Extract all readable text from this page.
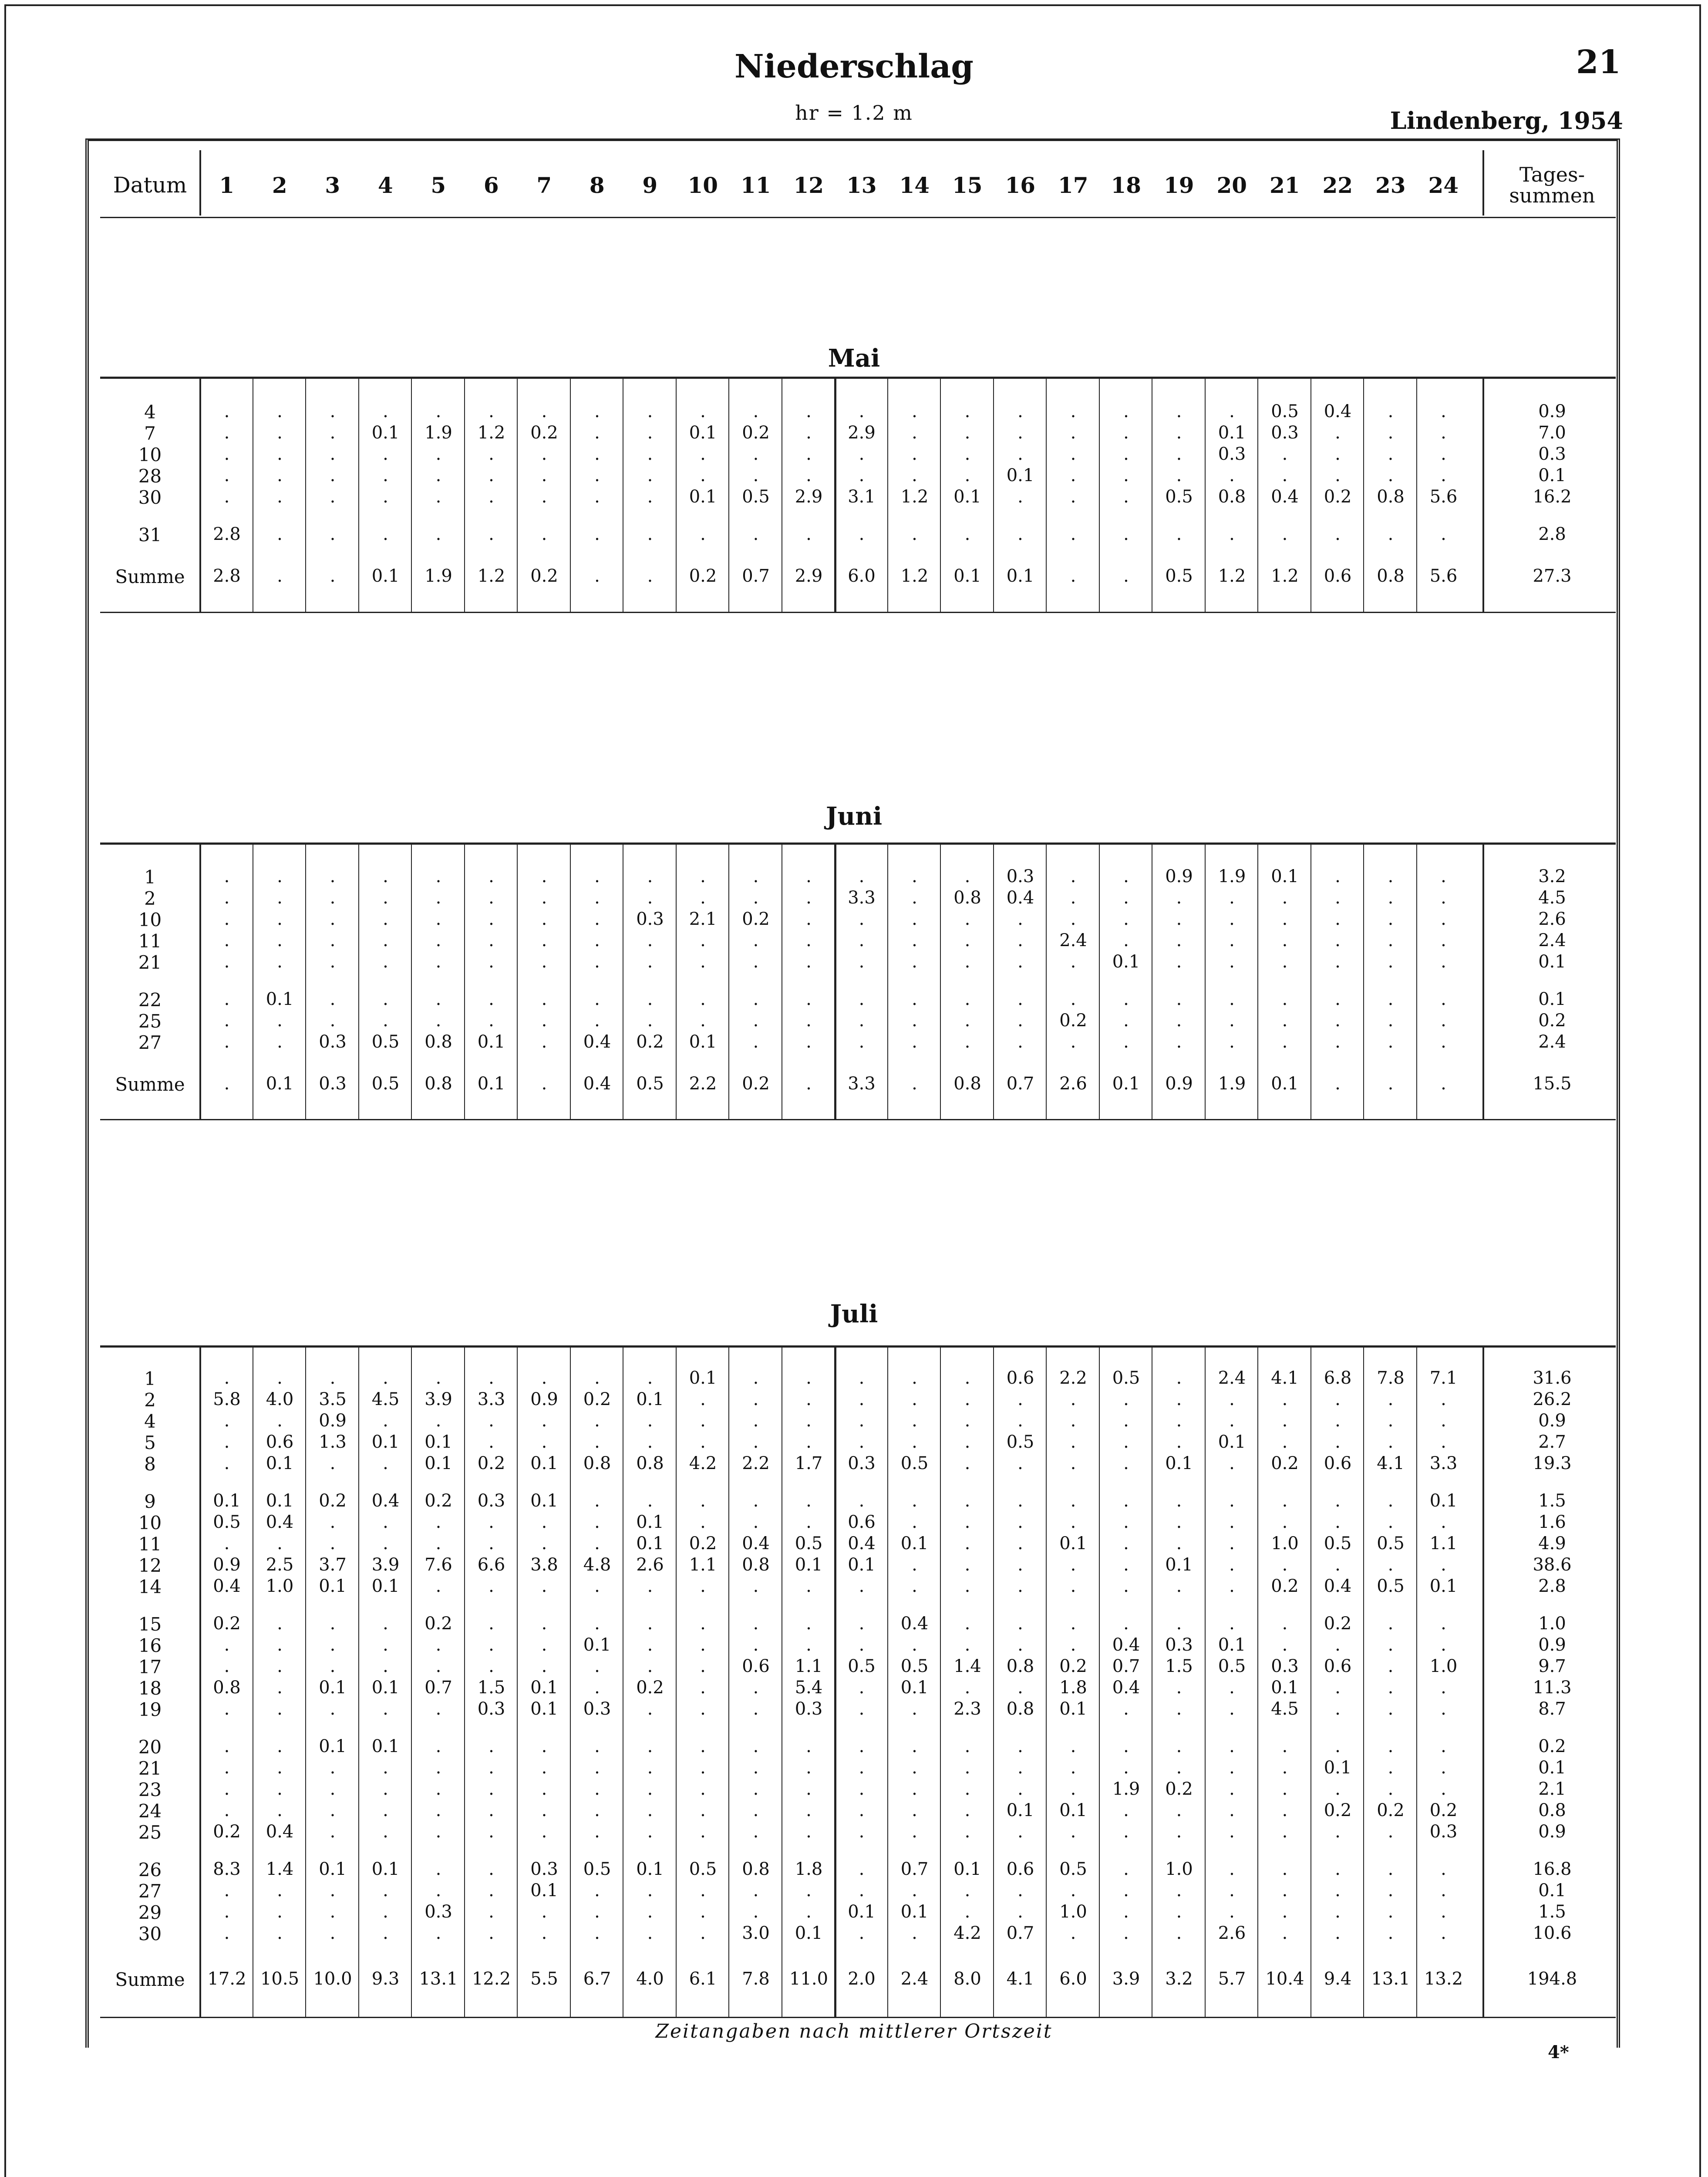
Niederschlag
hr = 1.2 m
21
Lindenberg, 1954
Datum	1	2	3	4	5	6	7	8	9	10	11	12	13	14	15	16	17	18	19	20	21	22	23	24	Tages-
summen
Mai
4	.	.	.	.	.	.	.	.	.	.	.	.	.	.	.	.	.	.	.	.	0.5	0.4	.	.	0.9
7	.	.	.	0.1	1.9	1.2	0.2	.	.	0.1	0.2	.	2.9	.	.	.	.	.	.	0.1	0.3	.	.	.	7.0
10	.	.	.	.	.	.	.	.	.	.	.	.	.	.	.	.	.	.	.	0.3	.	.	.	.	0.3
28	.	.	.	.	.	.	.	.	.	.	.	.	.	.	.	0.1	.	.	.	.	.	.	.	.	0.1
30	.	.	.	.	.	.	.	.	.	0.1	0.5	2.9	3.1	1.2	0.1	.	.	.	0.5	0.8	0.4	0.2	0.8	5.6	16.2
31	2.8	.	.	.	.	.	.	.	.	.	.	.	.	.	.	.	.	.	.	.	.	.	.	.	2.8
Summe	2.8	.	.	0.1	1.9	1.2	0.2	.	.	0.2	0.7	2.9	6.0	1.2	0.1	0.1	.	.	0.5	1.2	1.2	0.6	0.8	5.6	27.3
Juni
1	.	.	.	.	.	.	.	.	.	.	.	.	.	.	.	0.3	.	.	0.9	1.9	0.1	.	.	.	3.2
2	.	.	.	.	.	.	.	.	.	.	.	.	3.3	.	0.8	0.4	.	.	.	.	.	.	.	.	4.5
10	.	.	.	.	.	.	.	.	0.3	2.1	0.2	.	.	.	.	.	.	.	.	.	.	.	.	.	2.6
11	.	.	.	.	.	.	.	.	.	.	.	.	.	.	.	.	2.4	.	.	.	.	.	.	.	2.4
21	.	.	.	.	.	.	.	.	.	.	.	.	.	.	.	.	.	0.1	.	.	.	.	.	.	0.1
22	.	0.1	.	.	.	.	.	.	.	.	.	.	.	.	.	.	.	.	.	.	.	.	.	.	0.1
25	.	.	.	.	.	.	.	.	.	.	.	.	.	.	.	.	0.2	.	.	.	.	.	.	.	0.2
27	.	.	0.3	0.5	0.8	0.1	.	0.4	0.2	0.1	.	.	.	.	.	.	.	.	.	.	.	.	.	.	2.4
Summe	.	0.1	0.3	0.5	0.8	0.1	.	0.4	0.5	2.2	0.2	.	3.3	.	0.8	0.7	2.6	0.1	0.9	1.9	0.1	.	.	.	15.5
Juli
1	.	.	.	.	.	.	.	.	.	0.1	.	.	.	.	.	0.6	2.2	0.5	.	2.4	4.1	6.8	7.8	7.1	31.6
2	5.8	4.0	3.5	4.5	3.9	3.3	0.9	0.2	0.1	.	.	.	.	.	.	.	.	.	.	.	.	.	.	.	26.2
4	.	.	0.9	.	.	.	.	.	.	.	.	.	.	.	.	.	.	.	.	.	.	.	.	.	0.9
5	.	0.6	1.3	0.1	0.1	.	.	.	.	.	.	.	.	.	.	0.5	.	.	.	0.1	.	.	.	.	2.7
8	.	0.1	.	.	0.1	0.2	0.1	0.8	0.8	4.2	2.2	1.7	0.3	0.5	.	.	.	.	0.1	.	0.2	0.6	4.1	3.3	19.3
9	0.1	0.1	0.2	0.4	0.2	0.3	0.1	.	.	.	.	.	.	.	.	.	.	.	.	.	.	.	.	0.1	1.5
10	0.5	0.4	.	.	.	.	.	.	0.1	.	.	.	0.6	.	.	.	.	.	.	.	.	.	.	.	1.6
11	.	.	.	.	.	.	.	.	0.1	0.2	0.4	0.5	0.4	0.1	.	.	0.1	.	.	.	1.0	0.5	0.5	1.1	4.9
12	0.9	2.5	3.7	3.9	7.6	6.6	3.8	4.8	2.6	1.1	0.8	0.1	0.1	.	.	.	.	.	0.1	.	.	.	.	.	38.6
14	0.4	1.0	0.1	0.1	.	.	.	.	.	.	.	.	.	.	.	.	.	.	.	.	0.2	0.4	0.5	0.1	2.8
15	0.2	.	.	.	0.2	.	.	.	.	.	.	.	.	0.4	.	.	.	.	.	.	.	0.2	.	.	1.0
16	.	.	.	.	.	.	.	0.1	.	.	.	.	.	.	.	.	.	0.4	0.3	0.1	.	.	.	.	0.9
17	.	.	.	.	.	.	.	.	.	.	0.6	1.1	0.5	0.5	1.4	0.8	0.2	0.7	1.5	0.5	0.3	0.6	.	1.0	9.7
18	0.8	.	0.1	0.1	0.7	1.5	0.1	.	0.2	.	.	5.4	.	0.1	.	.	1.8	0.4	.	.	0.1	.	.	.	11.3
19	.	.	.	.	.	0.3	0.1	0.3	.	.	.	0.3	.	.	2.3	0.8	0.1	.	.	.	4.5	.	.	.	8.7
20	.	.	0.1	0.1	.	.	.	.	.	.	.	.	.	.	.	.	.	.	.	.	.	.	.	.	0.2
21	.	.	.	.	.	.	.	.	.	.	.	.	.	.	.	.	.	.	.	.	.	0.1	.	.	0.1
23	.	.	.	.	.	.	.	.	.	.	.	.	.	.	.	.	.	1.9	0.2	.	.	.	.	.	2.1
24	.	.	.	.	.	.	.	.	.	.	.	.	.	.	.	0.1	0.1	.	.	.	.	0.2	0.2	0.2	0.8
25	0.2	0.4	.	.	.	.	.	.	.	.	.	.	.	.	.	.	.	.	.	.	.	.	.	0.3	0.9
26	8.3	1.4	0.1	0.1	.	.	0.3	0.5	0.1	0.5	0.8	1.8	.	0.7	0.1	0.6	0.5	.	1.0	.	.	.	.	.	16.8
27	.	.	.	.	.	.	0.1	.	.	.	.	.	.	.	.	.	.	.	.	.	.	.	.	.	0.1
29	.	.	.	.	0.3	.	.	.	.	.	.	.	0.1	0.1	.	.	1.0	.	.	.	.	.	.	.	1.5
30	.	.	.	.	.	.	.	.	.	.	3.0	0.1	.	.	4.2	0.7	.	.	.	2.6	.	.	.	.	10.6
Summe	17.2 10.5 10.0	9.3	13.1 12.2	5.5	6.7	4.0	6.1	7.8	11.0	2.0	2.4	8.0	4.1	6.0	3.9	3.2	5.7	10.4	9.4	13.1 13.2	194.8
Zeitangaben nach mittlerer Ortszeit
4*
